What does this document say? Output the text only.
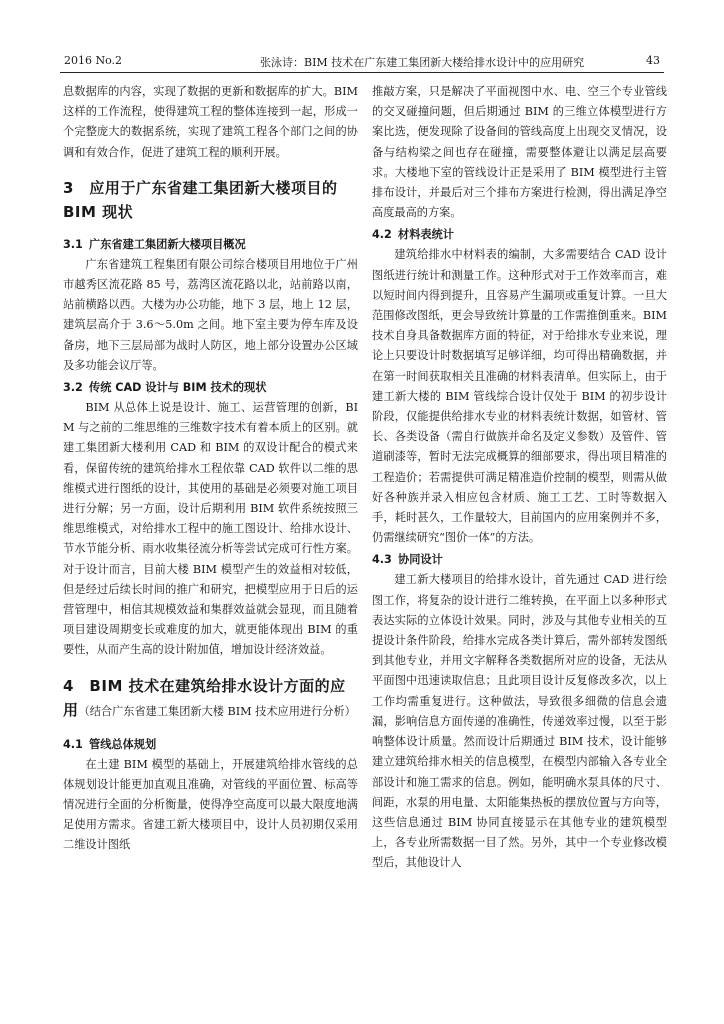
2016 No.2	张泳诗：BIM 技术在广东建工集团新大楼给排水设计中的应用研究	43

息数据库的内容，实现了数据的更新和数据库的扩大。BIM 这样的工作流程，使得建筑工程的整体连接到一起，形成一个完整庞大的数据系统，实现了建筑工程各个部门之间的协调和有效合作，促进了建筑工程的顺利开展。

3　应用于广东省建工集团新大楼项目的 BIM 现状
3.1 广东省建工集团新大楼项目概况

广东省建筑工程集团有限公司综合楼项目用地位于广州市越秀区流花路 85 号，荔湾区流花路以北，站前路以南，站前横路以西。大楼为办公功能，地下 3 层，地上 12 层，建筑层高介于 3.6～5.0m 之间。地下室主要为停车库及设备房，地下三层局部为战时人防区，地上部分设置办公区域及多功能会议厅等。

3.2 传统 CAD 设计与 BIM 技术的现状

BIM 从总体上说是设计、施工、运营管理的创新，BIM 与之前的二维思维的三维数字技术有着本质上的区别。就建工集团新大楼利用 CAD 和 BIM 的双设计配合的模式来看，保留传统的建筑给排水工程依靠 CAD 软件以二维的思维模式进行图纸的设计，其使用的基础是必须要对施工项目进行分解；另一方面，设计后期利用 BIM 软件系统按照三维思维模式，对给排水工程中的施工图设计、给排水设计、节水节能分析、雨水收集径流分析等尝试完成可行性方案。对于设计而言，目前大楼 BIM 模型产生的效益相对较低，但是经过后续长时间的推广和研究，把模型应用于日后的运营管理中，相信其规模效益和集群效益就会显现，而且随着项目建设周期变长或难度的加大，就更能体现出 BIM 的重要性，从而产生高的设计附加值，增加设计经济效益。

4　BIM 技术在建筑给排水设计方面的应用（结合广东省建工集团新大楼 BIM 技术应用进行分析）
4.1 管线总体规划

在土建 BIM 模型的基础上，开展建筑给排水管线的总体规划设计能更加直观且准确，对管线的平面位置、标高等情况进行全面的分析衡量，使得净空高度可以最大限度地满足使用方需求。省建工新大楼项目中，设计人员初期仅采用二维设计图纸

推敲方案，只是解决了平面视图中水、电、空三个专业管线的交叉碰撞问题，但后期通过 BIM 的三维立体模型进行方案比选，便发现除了设备间的管线高度上出现交叉情况，设备与结构梁之间也存在碰撞，需要整体避让以满足层高要求。大楼地下室的管线设计正是采用了 BIM 模型进行主管排布设计，并最后对三个排布方案进行检测，得出满足净空高度最高的方案。

4.2 材料表统计

建筑给排水中材料表的编制，大多需要结合 CAD 设计图纸进行统计和测量工作。这种形式对于工作效率而言，难以短时间内得到提升，且容易产生漏项或重复计算。一旦大范围修改图纸，更会导致统计算量的工作需推倒重来。BIM 技术自身具备数据库方面的特征，对于给排水专业来说，理论上只要设计时数据填写足够详细，均可得出精确数据，并在第一时间获取相关且准确的材料表清单。但实际上，由于建工新大楼的 BIM 管线综合设计仅处于 BIM 的初步设计阶段，仅能提供给排水专业的材料表统计数据，如管材、管长、各类设备（需自行做族并命名及定义参数）及管件、管道刷漆等，暂时无法完成概算的细部要求，得出项目精准的工程造价；若需提供可满足精准造价控制的模型，则需从做好各种族并录入相应包含材质、施工工艺、工时等数据入手，耗时甚久，工作量较大，目前国内的应用案例并不多，仍需继续研究“图价一体”的方法。

4.3 协同设计

建工新大楼项目的给排水设计，首先通过 CAD 进行绘图工作，将复杂的设计进行二维转换，在平面上以多种形式表达实际的立体设计效果。同时，涉及与其他专业相关的互提设计条件阶段，给排水完成各类计算后，需外部转发图纸到其他专业，并用文字解释各类数据所对应的设备，无法从平面图中迅速读取信息；且此项目设计反复修改多次，以上工作均需重复进行。这种做法，导致很多细微的信息会遗漏，影响信息方面传递的准确性，传递效率过慢，以至于影响整体设计质量。然而设计后期通过 BIM 技术，设计能够建立建筑给排水相关的信息模型，在模型内部输入各专业全部设计和施工需求的信息。例如，能明确水泵具体的尺寸、间距，水泵的用电量、太阳能集热板的摆放位置与方向等，这些信息通过 BIM 协同直接显示在其他专业的建筑模型上，各专业所需数据一目了然。另外，其中一个专业修改模型后，其他设计人
